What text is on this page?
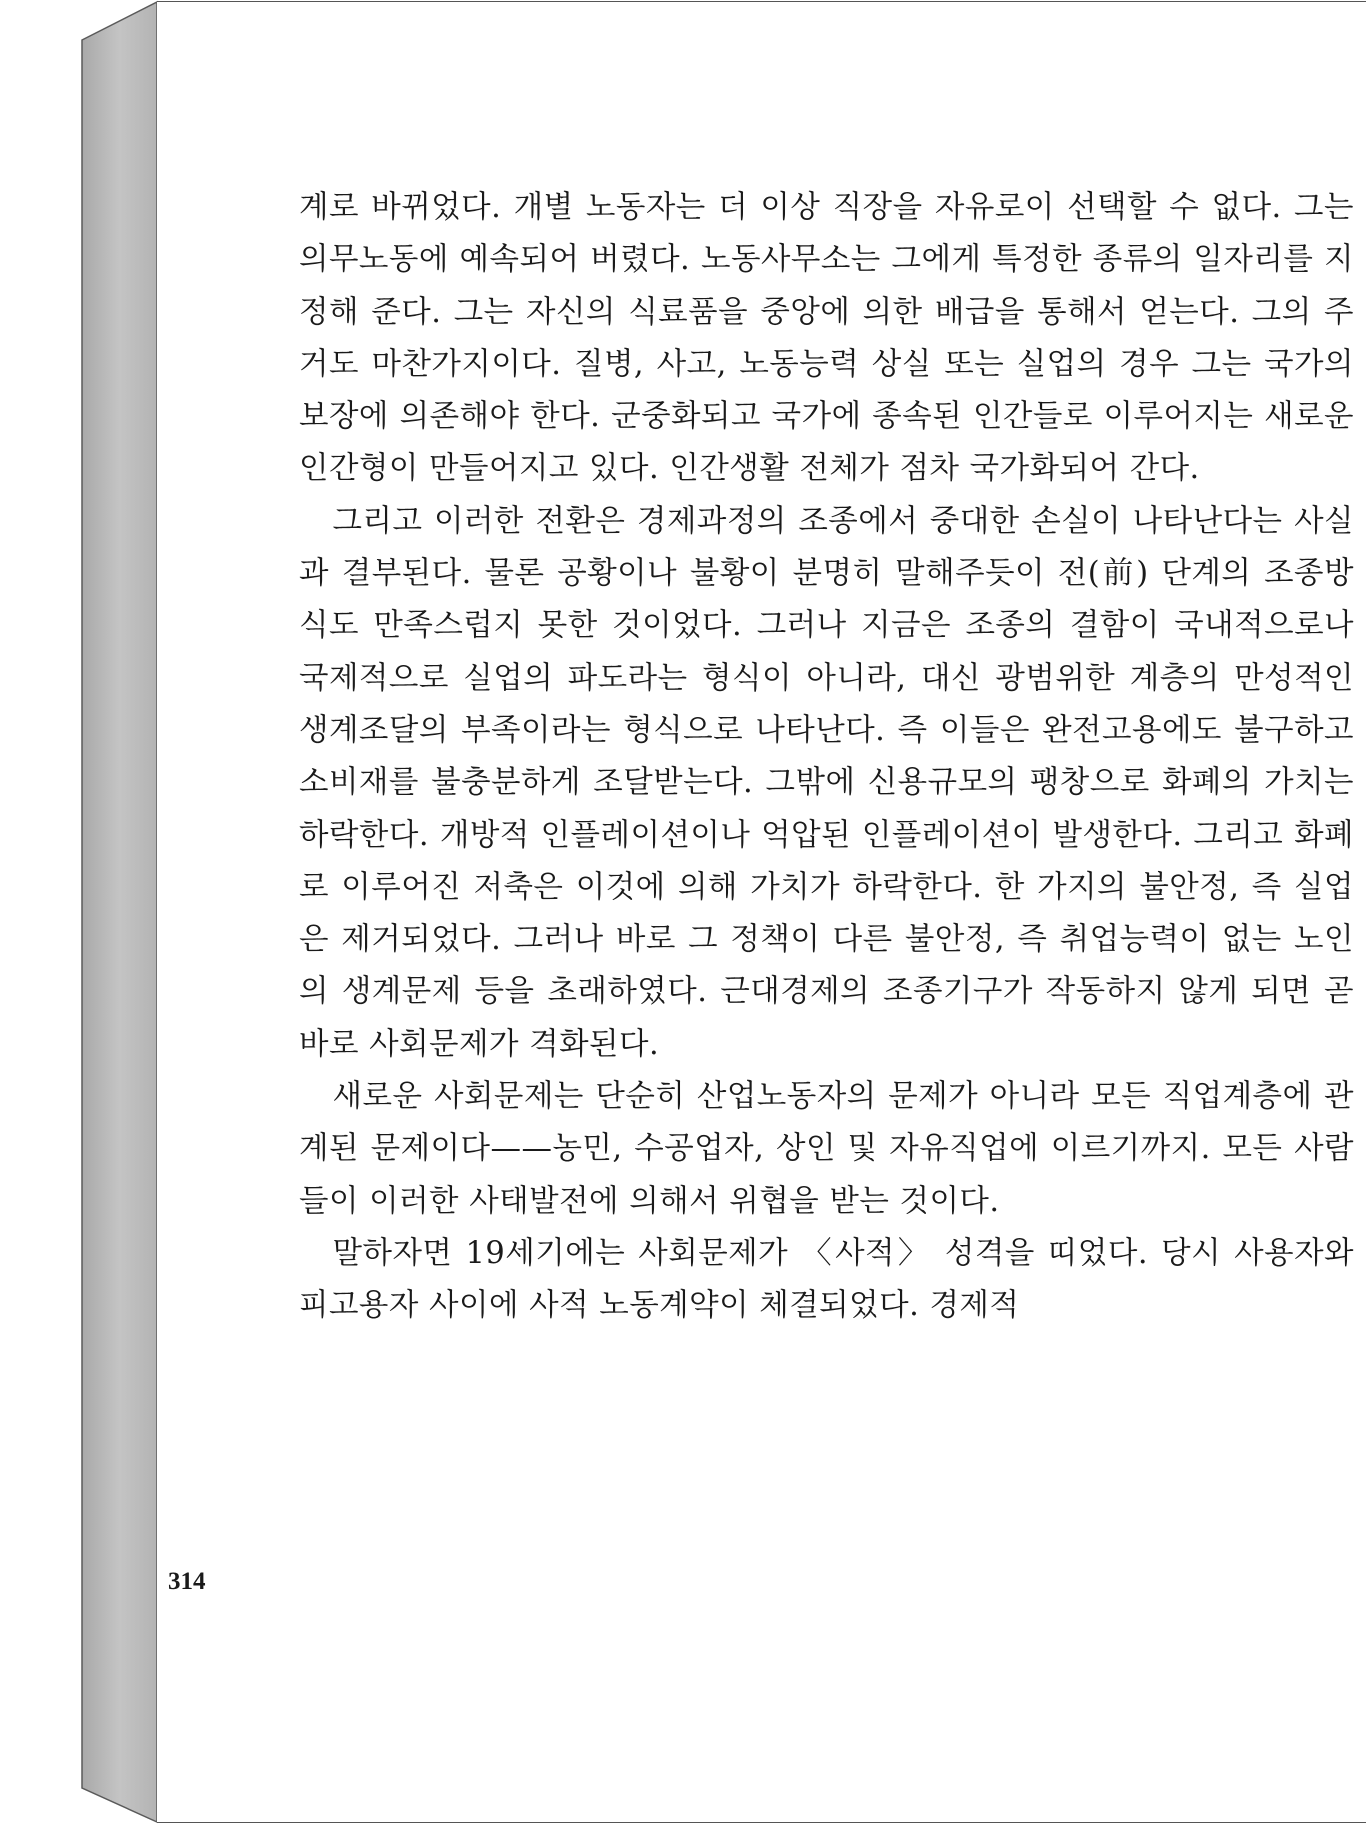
계로 바뀌었다. 개별 노동자는 더 이상 직장을 자유로이 선택할 수 없다. 그는 의무노동에 예속되어 버렸다. 노동사무소는 그에게 특정한 종류의 일자리를 지정해 준다. 그는 자신의 식료품을 중앙에 의한 배급을 통해서 얻는다. 그의 주거도 마찬가지이다. 질병, 사고, 노동능력 상실 또는 실업의 경우 그는 국가의 보장에 의존해야 한다. 군중화되고 국가에 종속된 인간들로 이루어지는 새로운 인간형이 만들어지고 있다. 인간생활 전체가 점차 국가화되어 간다.

그리고 이러한 전환은 경제과정의 조종에서 중대한 손실이 나타난다는 사실과 결부된다. 물론 공황이나 불황이 분명히 말해주듯이 전(前) 단계의 조종방식도 만족스럽지 못한 것이었다. 그러나 지금은 조종의 결함이 국내적으로나 국제적으로 실업의 파도라는 형식이 아니라, 대신 광범위한 계층의 만성적인 생계조달의 부족이라는 형식으로 나타난다. 즉 이들은 완전고용에도 불구하고 소비재를 불충분하게 조달받는다. 그밖에 신용규모의 팽창으로 화폐의 가치는 하락한다. 개방적 인플레이션이나 억압된 인플레이션이 발생한다. 그리고 화폐로 이루어진 저축은 이것에 의해 가치가 하락한다. 한 가지의 불안정, 즉 실업은 제거되었다. 그러나 바로 그 정책이 다른 불안정, 즉 취업능력이 없는 노인의 생계문제 등을 초래하였다. 근대경제의 조종기구가 작동하지 않게 되면 곧 바로 사회문제가 격화된다.

새로운 사회문제는 단순히 산업노동자의 문제가 아니라 모든 직업계층에 관계된 문제이다——농민, 수공업자, 상인 및 자유직업에 이르기까지. 모든 사람들이 이러한 사태발전에 의해서 위협을 받는 것이다.

말하자면 19세기에는 사회문제가 〈사적〉 성격을 띠었다. 당시 사용자와 피고용자 사이에 사적 노동계약이 체결되었다. 경제적

314
